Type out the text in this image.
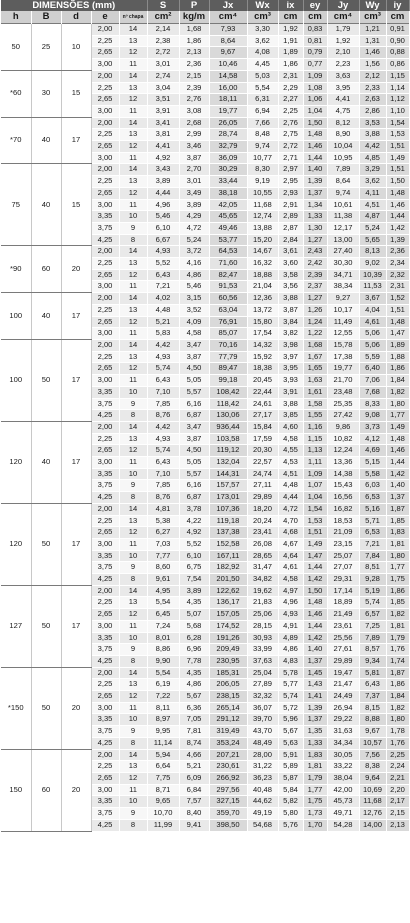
DIMENSÕES (mm)					S	P	Jx	Wx	ix	ey	Jy	Wy	iy
h	B	d	e	nº chapa	cm²	kg/m	cm⁴	cm³	cm	cm	cm⁴	cm³	cm
50	25	10	2,00	14	2,14	1,68	7,93	3,30	1,92	0,83	1,79	1,21	0,91
			2,25	13	2,38	1,86	8,64	3,62	1,91	0,81	1,92	1,31	0,90
			2,65	12	2,72	2,13	9,67	4,08	1,89	0,79	2,10	1,46	0,88
			3,00	11	3,01	2,36	10,46	4,45	1,86	0,77	2,23	1,56	0,86
*60	30	15	2,00	14	2,74	2,15	14,58	5,03	2,31	1,09	3,63	2,12	1,15
			2,25	13	3,04	2,39	16,00	5,54	2,29	1,08	3,95	2,33	1,14
			2,65	12	3,51	2,76	18,11	6,31	2,27	1,06	4,41	2,63	1,12
			3,00	11	3,91	3,08	19,77	6,94	2,25	1,04	4,75	2,86	1,10
*70	40	17	2,00	14	3,41	2,68	26,05	7,66	2,76	1,50	8,12	3,53	1,54
			2,25	13	3,81	2,99	28,74	8,48	2,75	1,48	8,90	3,88	1,53
			2,65	12	4,41	3,46	32,79	9,74	2,72	1,46	10,04	4,42	1,51
			3,00	11	4,92	3,87	36,09	10,77	2,71	1,44	10,95	4,85	1,49
75	40	15	2,00	14	3,43	2,70	30,29	8,30	2,97	1,40	7,89	3,29	1,51
			2,25	13	3,89	3,01	33,44	9,19	2,95	1,39	8,64	3,62	1,50
			2,65	12	4,44	3,49	38,18	10,55	2,93	1,37	9,74	4,11	1,48
			3,00	11	4,96	3,89	42,05	11,68	2,91	1,34	10,61	4,51	1,46
			3,35	10	5,46	4,29	45,65	12,74	2,89	1,33	11,38	4,87	1,44
			3,75	9	6,10	4,72	49,46	13,88	2,87	1,30	12,17	5,24	1,42
			4,25	8	6,67	5,24	53,77	15,20	2,84	1,27	13,00	5,65	1,39
*90	60	20	2,00	14	4,93	3,72	64,53	14,67	3,61	2,43	27,40	8,13	2,36
			2,25	13	5,52	4,16	71,60	16,32	3,60	2,42	30,30	9,02	2,34
			2,65	12	6,43	4,86	82,47	18,88	3,58	2,39	34,71	10,39	2,32
			3,00	11	7,21	5,46	91,53	21,04	3,56	2,37	38,34	11,53	2,31
100	40	17	2,00	14	4,02	3,15	60,56	12,36	3,88	1,27	9,27	3,67	1,52
			2,25	13	4,48	3,52	63,04	13,72	3,87	1,26	10,17	4,04	1,51
			2,65	12	5,21	4,09	76,91	15,80	3,84	1,24	11,49	4,61	1,48
			3,00	11	5,83	4,58	85,07	17,54	3,82	1,22	12,55	5,06	1,47
100	50	17	2,00	14	4,42	3,47	70,16	14,32	3,98	1,68	15,78	5,06	1,89
			2,25	13	4,93	3,87	77,79	15,92	3,97	1,67	17,38	5,59	1,88
			2,65	12	5,74	4,50	89,47	18,38	3,95	1,65	19,77	6,40	1,86
			3,00	11	6,43	5,05	99,18	20,45	3,93	1,63	21,70	7,06	1,84
			3,35	10	7,10	5,57	108,42	22,44	3,91	1,61	23,48	7,68	1,82
			3,75	9	7,85	6,16	118,42	24,61	3,88	1,58	25,35	8,33	1,80
			4,25	8	8,76	6,87	130,06	27,17	3,85	1,55	27,42	9,08	1,77
120	40	17	2,00	14	4,42	3,47	936,44	15,84	4,60	1,16	9,86	3,73	1,49
			2,25	13	4,93	3,87	103,58	17,59	4,58	1,15	10,82	4,12	1,48
			2,65	12	5,74	4,50	119,12	20,30	4,55	1,13	12,24	4,69	1,46
			3,00	11	6,43	5,05	132,04	22,57	4,53	1,11	13,36	5,15	1,44
			3,35	10	7,10	5,57	144,31	24,74	4,51	1,09	14,38	5,58	1,42
			3,75	9	7,85	6,16	157,57	27,11	4,48	1,07	15,43	6,03	1,40
			4,25	8	8,76	6,87	173,01	29,89	4,44	1,04	16,56	6,53	1,37
120	50	17	2,00	14	4,81	3,78	107,36	18,20	4,72	1,54	16,82	5,16	1,87
			2,25	13	5,38	4,22	119,18	20,24	4,70	1,53	18,53	5,71	1,85
			2,65	12	6,27	4,92	137,38	23,41	4,68	1,51	21,09	6,53	1,83
			3,00	11	7,03	5,52	152,58	26,08	4,67	1,49	23,15	7,21	1,81
			3,35	10	7,77	6,10	167,11	28,65	4,64	1,47	25,07	7,84	1,80
			3,75	9	8,60	6,75	182,92	31,47	4,61	1,44	27,07	8,51	1,77
			4,25	8	9,61	7,54	201,50	34,82	4,58	1,42	29,31	9,28	1,75
127	50	17	2,00	14	4,95	3,89	122,62	19,62	4,97	1,50	17,14	5,19	1,86
			2,25	13	5,54	4,35	136,17	21,83	4,96	1,48	18,89	5,74	1,85
			2,65	12	6,45	5,07	157,05	25,06	4,93	1,46	21,49	6,57	1,82
			3,00	11	7,24	5,68	174,52	28,15	4,91	1,44	23,61	7,25	1,81
			3,35	10	8,01	6,28	191,26	30,93	4,89	1,42	25,56	7,89	1,79
			3,75	9	8,86	6,96	209,49	33,99	4,86	1,40	27,61	8,57	1,76
			4,25	8	9,90	7,78	230,95	37,63	4,83	1,37	29,89	9,34	1,74
*150	50	20	2,00	14	5,54	4,35	185,31	25,04	5,78	1,45	19,47	5,81	1,87
			2,25	13	6,19	4,86	206,05	27,89	5,77	1,43	21,47	6,43	1,86
			2,65	12	7,22	5,67	238,15	32,32	5,74	1,41	24,49	7,37	1,84
			3,00	11	8,11	6,36	265,14	36,07	5,72	1,39	26,94	8,15	1,82
			3,35	10	8,97	7,05	291,12	39,70	5,96	1,37	29,22	8,88	1,80
			3,75	9	9,95	7,81	319,49	43,70	5,67	1,35	31,63	9,67	1,78
			4,25	8	11,14	8,74	353,24	48,49	5,63	1,33	34,34	10,57	1,76
150	60	20	2,00	14	5,94	4,66	207,21	28,00	5,91	1,83	30,05	7,56	2,25
			2,25	13	6,64	5,21	230,61	31,22	5,89	1,81	33,22	8,38	2,24
			2,65	12	7,75	6,09	266,92	36,23	5,87	1,79	38,04	9,64	2,21
			3,00	11	8,71	6,84	297,56	40,48	5,84	1,77	42,00	10,69	2,20
			3,35	10	9,65	7,57	327,15	44,62	5,82	1,75	45,73	11,68	2,17
			3,75	9	10,70	8,40	359,70	49,19	5,80	1,73	49,71	12,76	2,15
			4,25	8	11,99	9,41	398,50	54,68	5,76	1,70	54,28	14,00	2,13
